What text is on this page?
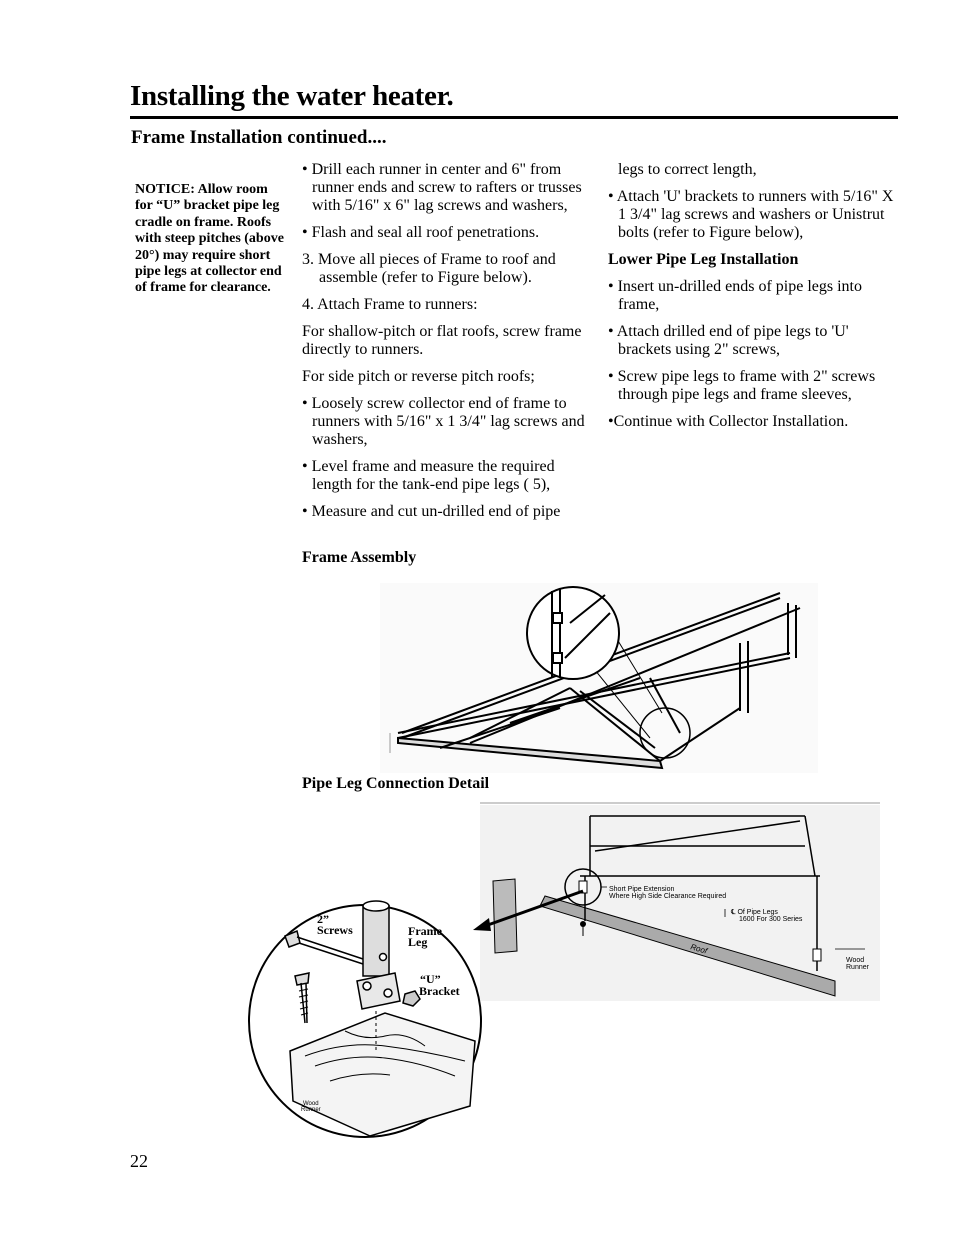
Installing the water heater.
Frame Installation continued....
NOTICE: Allow room for “U” bracket pipe leg cradle on frame. Roofs with steep pitches (above 20°) may require short pipe legs at collector end of frame for clearance.

• Drill each runner in center and 6" from runner ends and screw to rafters or trusses with 5/16" x 6" lag screws and washers,

• Flash and seal all roof penetrations.

3. Move all pieces of Frame to roof and assemble (refer to Figure below).

4. Attach Frame to runners:

For shallow-pitch or flat roofs, screw frame directly to runners.

For side pitch or reverse pitch roofs;

• Loosely screw collector end of frame to runners with 5/16" x 1 3/4" lag screws and washers,

• Level frame and measure the required length for the tank-end pipe legs ( 5),

• Measure and cut un-drilled end of pipe

legs to correct length,

• Attach 'U' brackets to runners with 5/16" X 1 3/4" lag screws and washers or Unistrut bolts (refer to Figure below),

Lower Pipe Leg Installation

• Insert un-drilled ends of pipe legs into frame,

• Attach drilled end of pipe legs to 'U' brackets using 2" screws,

• Screw pipe legs to frame with 2" screws through pipe legs and frame sleeves,

•Continue with Collector Installation.

Frame Assembly
Pipe Leg Connection Detail
Short Pipe Extension
Where High Side Clearance Required
℄ Of Pipe Legs
1600 For 300 Series
Roof
Wood
Runner
2”
Screws	Frame
Leg
“U”
Bracket
Wood
Runner
22
